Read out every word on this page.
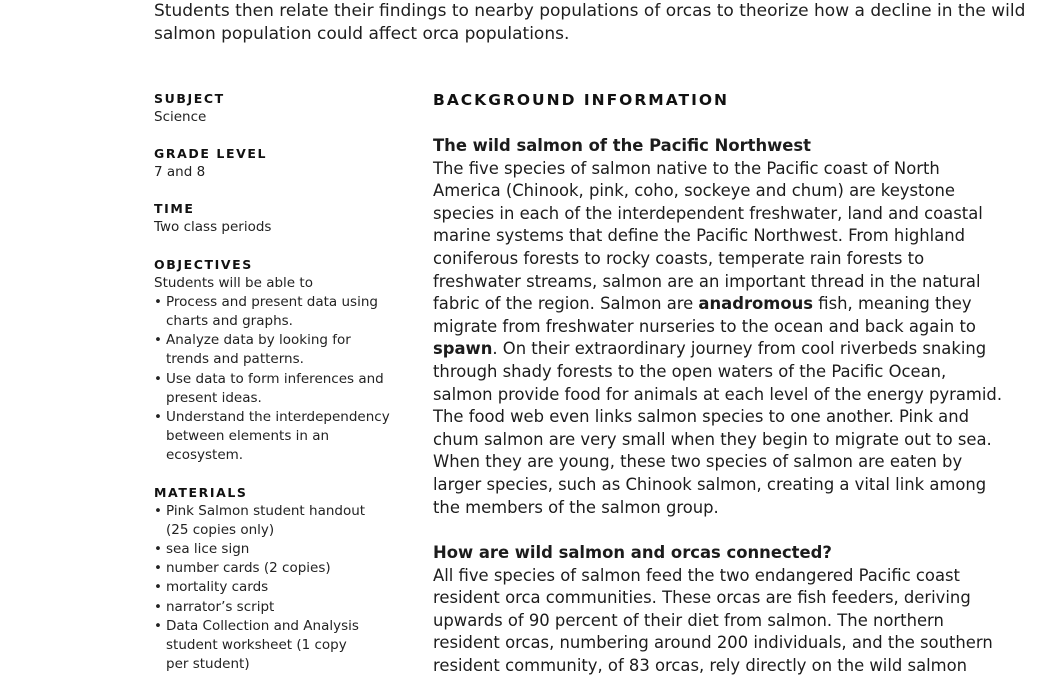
Students then relate their findings to nearby populations of orcas to theorize how a decline in the wild

salmon population could affect orca populations.

SUBJECT

Science

GRADE LEVEL

7 and 8

TIME

Two class periods

OBJECTIVES

Students will be able to

• Process and present data using
charts and graphs.
• Analyze data by looking for
trends and patterns.
• Use data to form inferences and
present ideas.
• Understand the interdependency
between elements in an
ecosystem.

MATERIALS

• Pink Salmon student handout
(25 copies only)
• sea lice sign
• number cards (2 copies)
• mortality cards
• narrator’s script
• Data Collection and Analysis
student worksheet (1 copy
per student)

BACKGROUND INFORMATION

The wild salmon of the Pacific Northwest

The five species of salmon native to the Pacific coast of North
America (Chinook, pink, coho, sockeye and chum) are keystone
species in each of the interdependent freshwater, land and coastal
marine systems that define the Pacific Northwest. From highland
coniferous forests to rocky coasts, temperate rain forests to
freshwater streams, salmon are an important thread in the natural
fabric of the region. Salmon are anadromous fish, meaning they
migrate from freshwater nurseries to the ocean and back again to
spawn. On their extraordinary journey from cool riverbeds snaking
through shady forests to the open waters of the Pacific Ocean,
salmon provide food for animals at each level of the energy pyramid.
The food web even links salmon species to one another. Pink and
chum salmon are very small when they begin to migrate out to sea.
When they are young, these two species of salmon are eaten by
larger species, such as Chinook salmon, creating a vital link among
the members of the salmon group.

How are wild salmon and orcas connected?

All five species of salmon feed the two endangered Pacific coast
resident orca communities. These orcas are fish feeders, deriving
upwards of 90 percent of their diet from salmon. The northern
resident orcas, numbering around 200 individuals, and the southern
resident community, of 83 orcas, rely directly on the wild salmon
